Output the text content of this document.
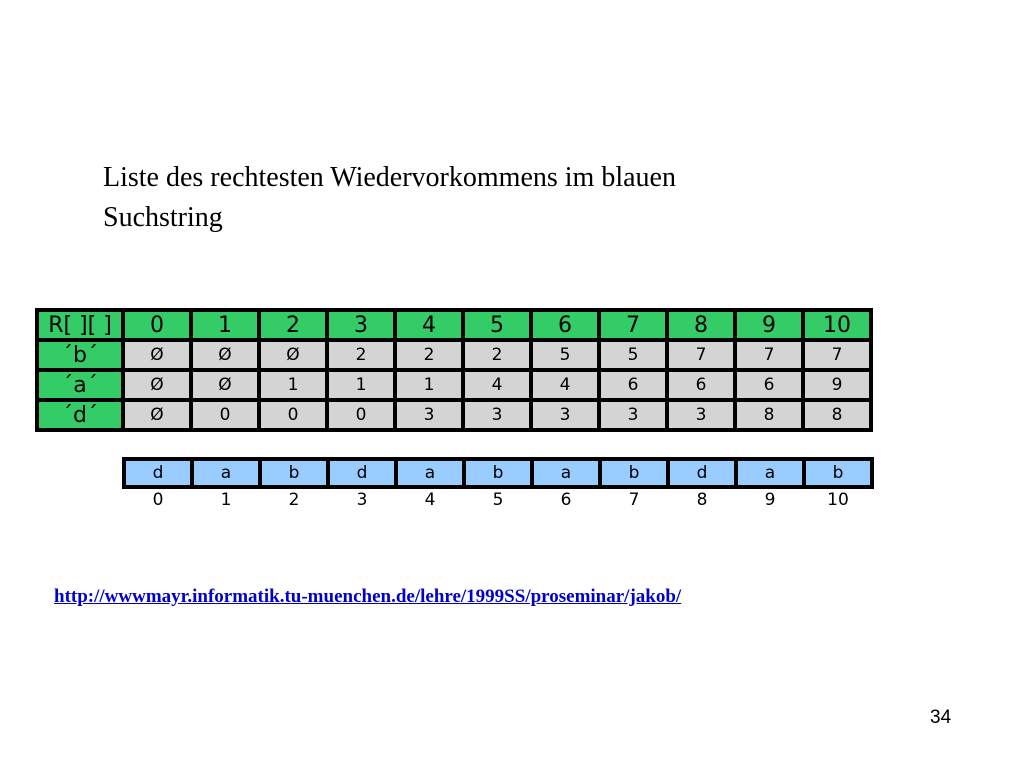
Liste des rechtesten Wiedervorkommens im blauen
Suchstring
R[ ][ ]	0	1	2	3	4	5	6	7	8	9	10
´b´	Ø	Ø	Ø	2	2	2	5	5	7	7	7
´a´	Ø	Ø	1	1	1	4	4	6	6	6	9
´d´	Ø	0	0	0	3	3	3	3	3	8	8
d	a	b	d	a	b	a	b	d	a	b
0	1	2	3	4	5	6	7	8	9	10
http://wwwmayr.informatik.tu-muenchen.de/lehre/1999SS/proseminar/jakob/
34
